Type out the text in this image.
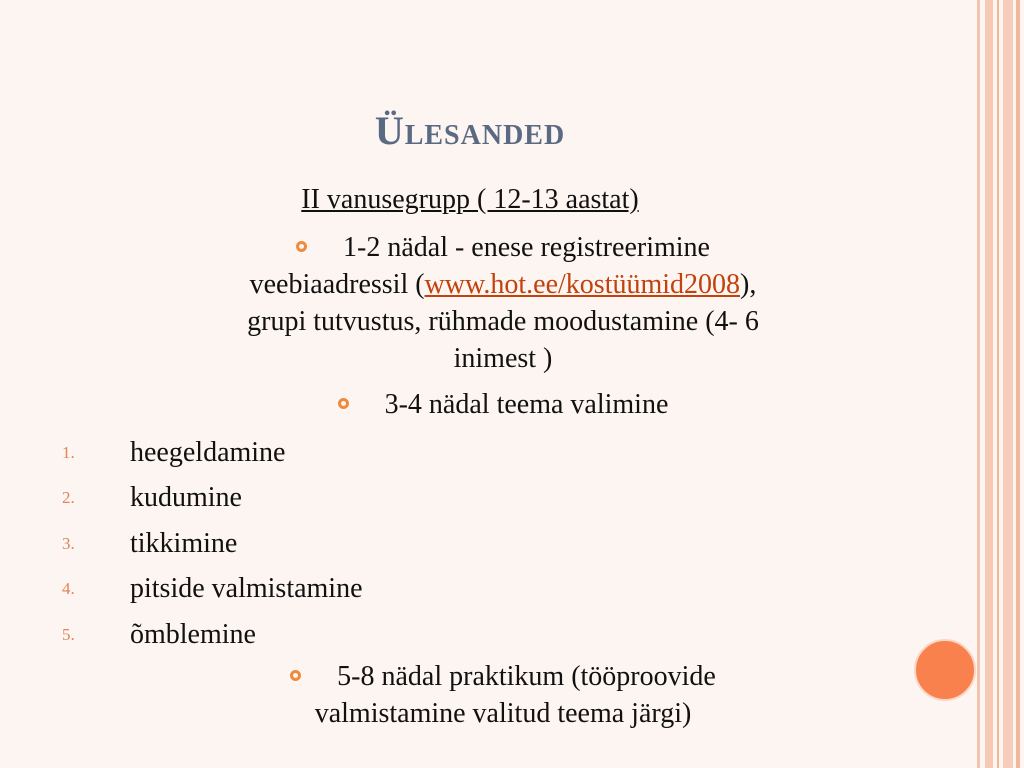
Ülesanded
II vanusegrupp ( 12-13 aastat)
1-2 nädal - enese registreerimine
veebiaadressil (www.hot.ee/kostüümid2008),
grupi tutvustus, rühmade moodustamine (4- 6
inimest )
3-4 nädal teema valimine
1.	heegeldamine
2.	kudumine
3.	tikkimine
4.	pitside valmistamine
5.	õmblemine
5-8 nädal praktikum (tööproovide
valmistamine valitud teema järgi)
